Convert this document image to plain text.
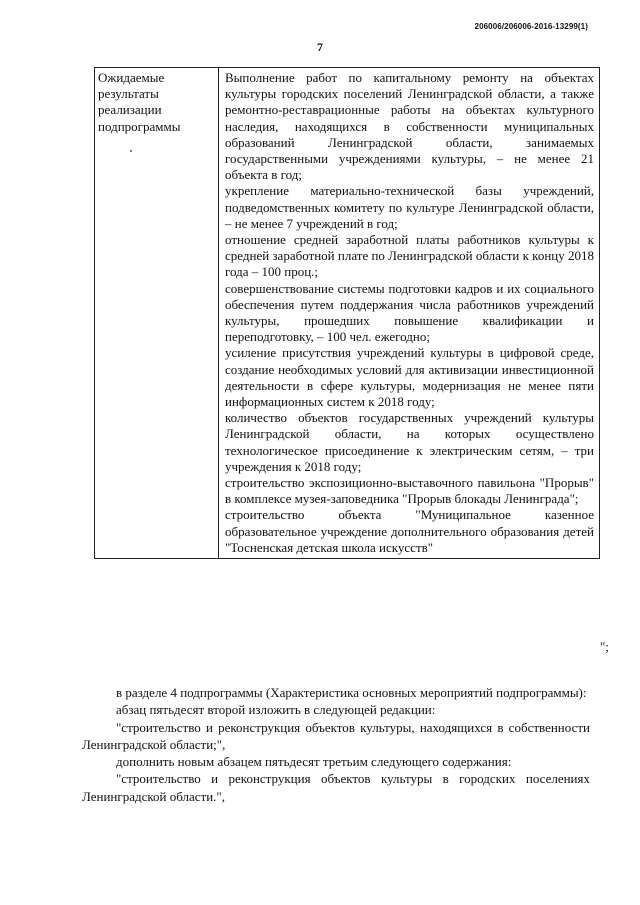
206006/206006-2016-13299(1)
7
Ожидаемые результаты реализации подпрограммы

Выполнение работ по капитальному ремонту на объектах культуры городских поселений Ленинградской области, а также ремонтно-реставрационные работы на объектах культурного наследия, находящихся в собственности муниципальных образований Ленинградской области, занимаемых государственными учреждениями культуры, – не менее 21 объекта в год;
укрепление материально-технической базы учреждений, подведомственных комитету по культуре Ленинградской области, – не менее 7 учреждений в год;
отношение средней заработной платы работников культуры к средней заработной плате по Ленинградской области к концу 2018 года – 100 проц.;
совершенствование системы подготовки кадров и их социального обеспечения путем поддержания числа работников учреждений культуры, прошедших повышение квалификации и переподготовку, – 100 чел. ежегодно;
усиление присутствия учреждений культуры в цифровой среде, создание необходимых условий для активизации инвестиционной деятельности в сфере культуры, модернизация не менее пяти информационных систем к 2018 году;
количество объектов государственных учреждений культуры Ленинградской области, на которых осуществлено технологическое присоединение к электрическим сетям, – три учреждения к 2018 году;
строительство экспозиционно-выставочного павильона "Прорыв" в комплексе музея-заповедника "Прорыв блокады Ленинграда";
строительство объекта "Муниципальное казенное образовательное учреждение дополнительного образования детей "Тосненская детская школа искусств"
";

в разделе 4 подпрограммы (Характеристика основных мероприятий подпрограммы):

абзац пятьдесят второй изложить в следующей редакции:

"строительство и реконструкция объектов культуры, находящихся в собственности Ленинградской области;",

дополнить новым абзацем пятьдесят третьим следующего содержания:

"строительство и реконструкция объектов культуры в городских поселениях Ленинградской области.",
